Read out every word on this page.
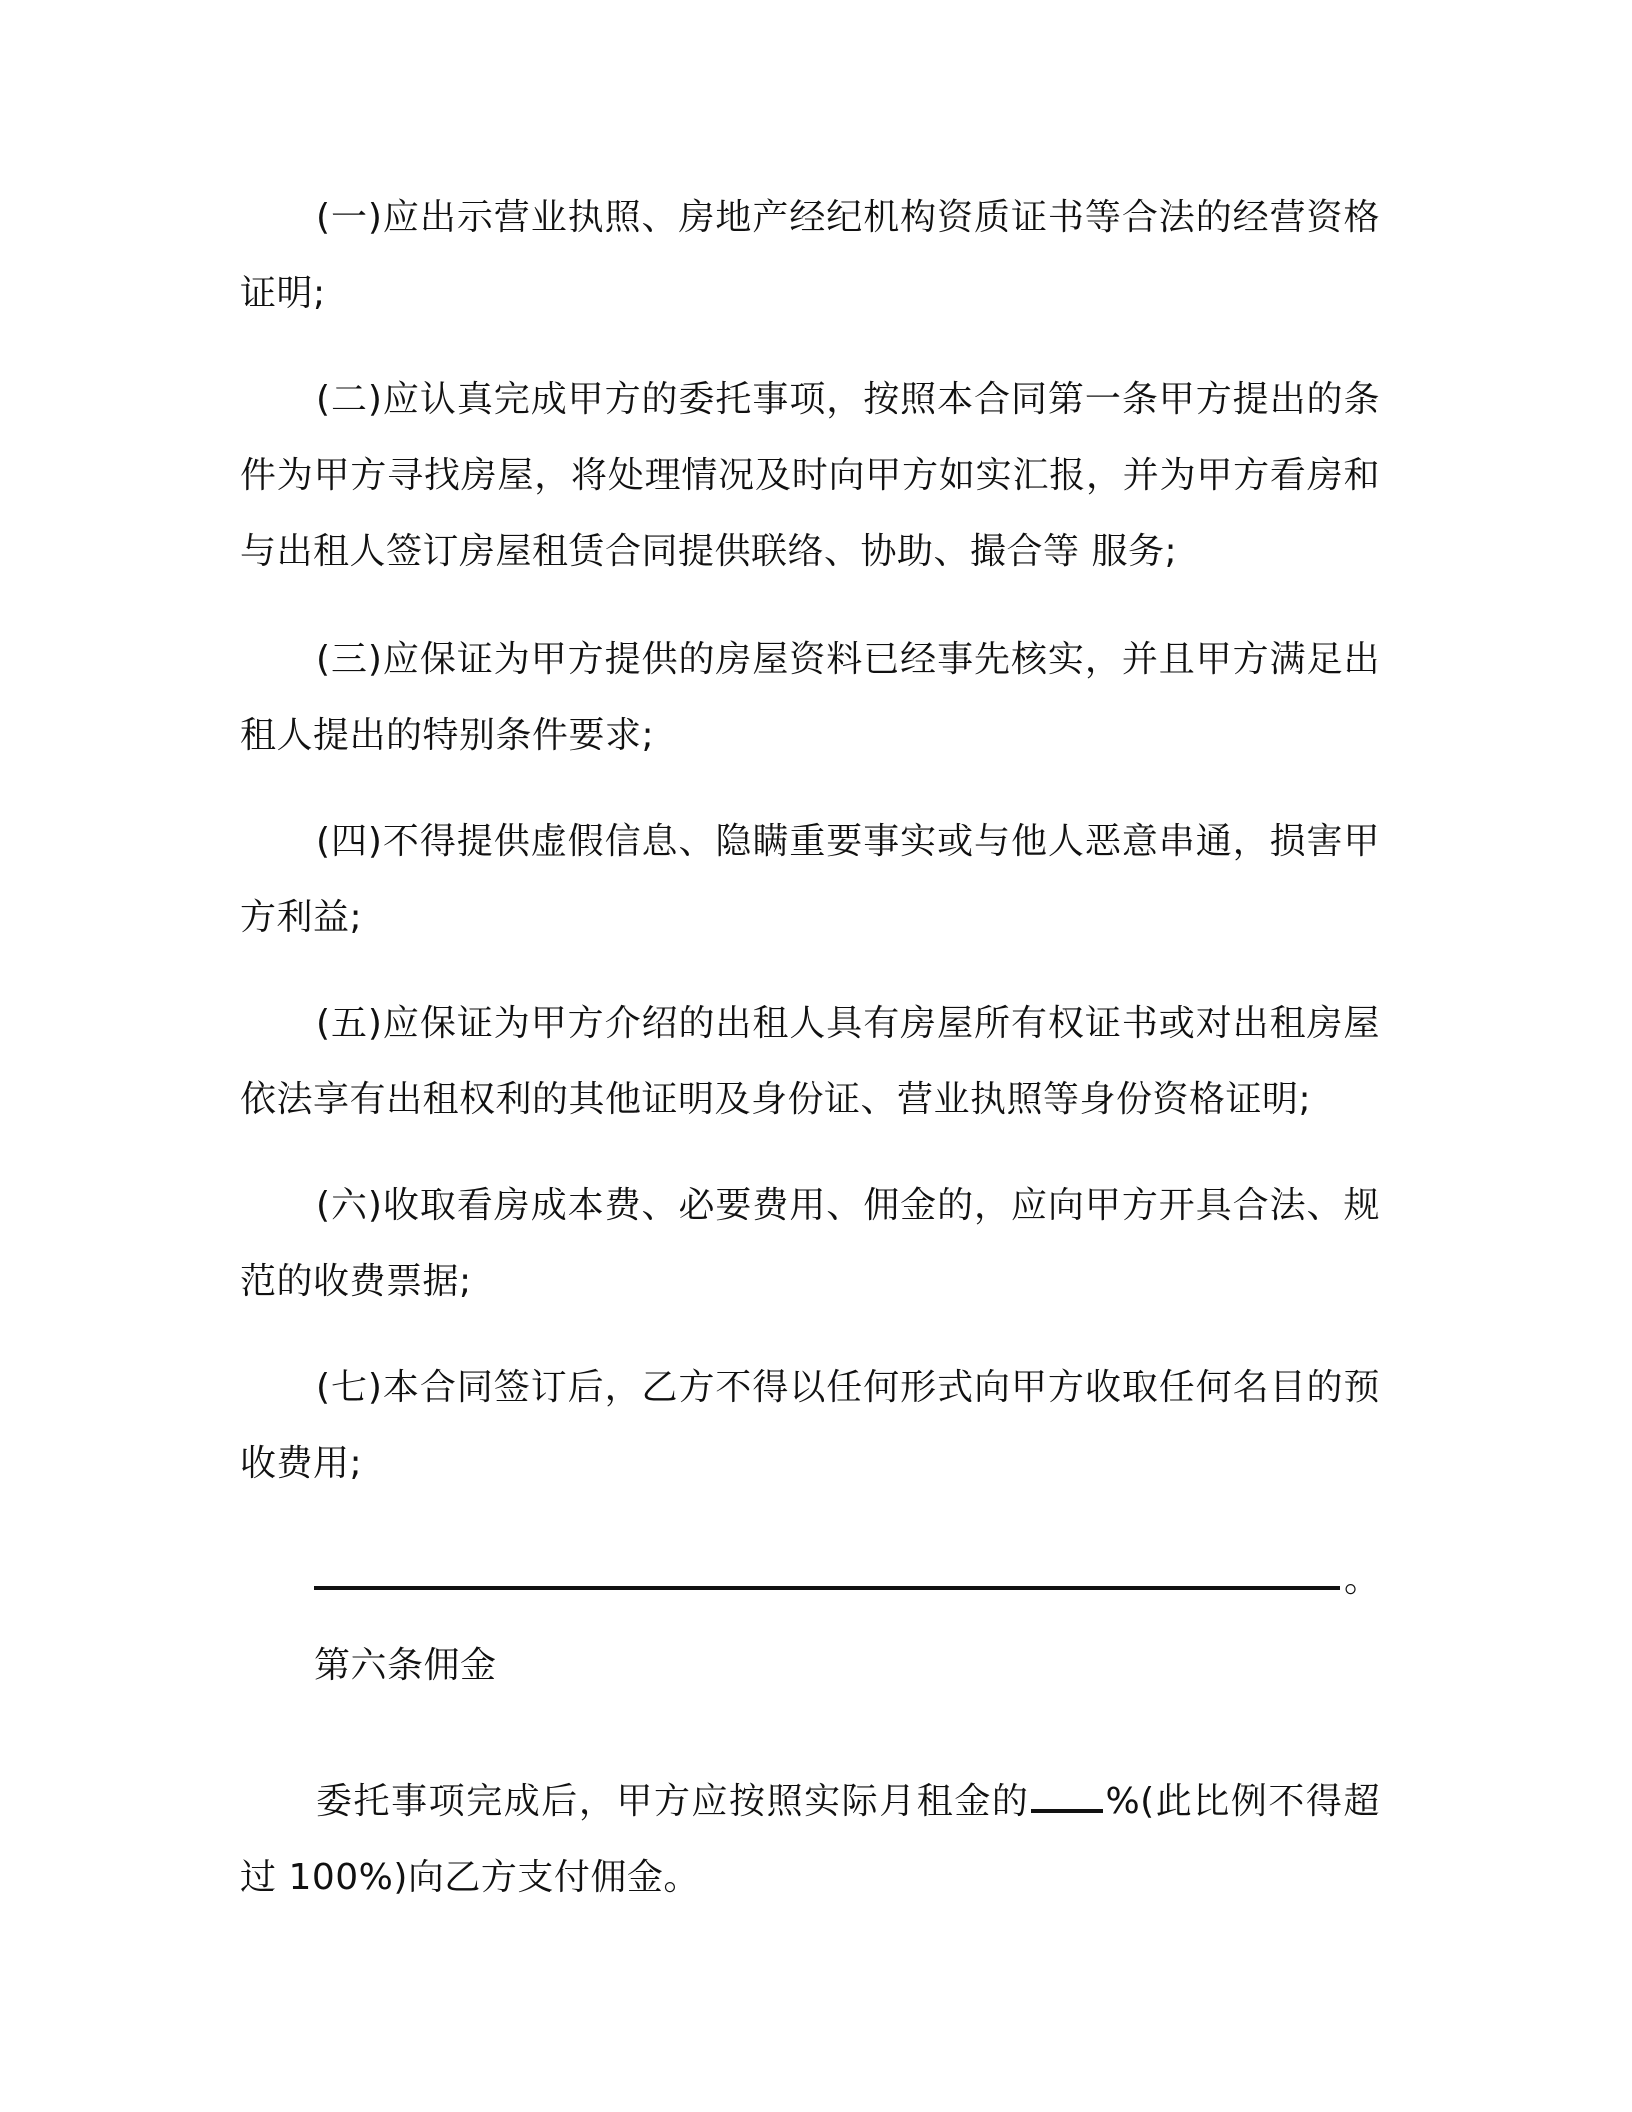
(一)应出示营业执照、房地产经纪机构资质证书等合法的经营资格证明;

(二)应认真完成甲方的委托事项，按照本合同第一条甲方提出的条件为甲方寻找房屋，将处理情况及时向甲方如实汇报，并为甲方看房和与出租人签订房屋租赁合同提供联络、协助、撮合等 服务;

(三)应保证为甲方提供的房屋资料已经事先核实，并且甲方满足出租人提出的特别条件要求;

(四)不得提供虚假信息、隐瞒重要事实或与他人恶意串通，损害甲方利益;

(五)应保证为甲方介绍的出租人具有房屋所有权证书或对出租房屋依法享有出租权利的其他证明及身份证、营业执照等身份资格证明;

(六)收取看房成本费、必要费用、佣金的，应向甲方开具合法、规范的收费票据;

(七)本合同签订后，乙方不得以任何形式向甲方收取任何名目的预收费用;

。

第六条佣金

委托事项完成后，甲方应按照实际月租金的 %(此比例不得超过 100%)向乙方支付佣金。
